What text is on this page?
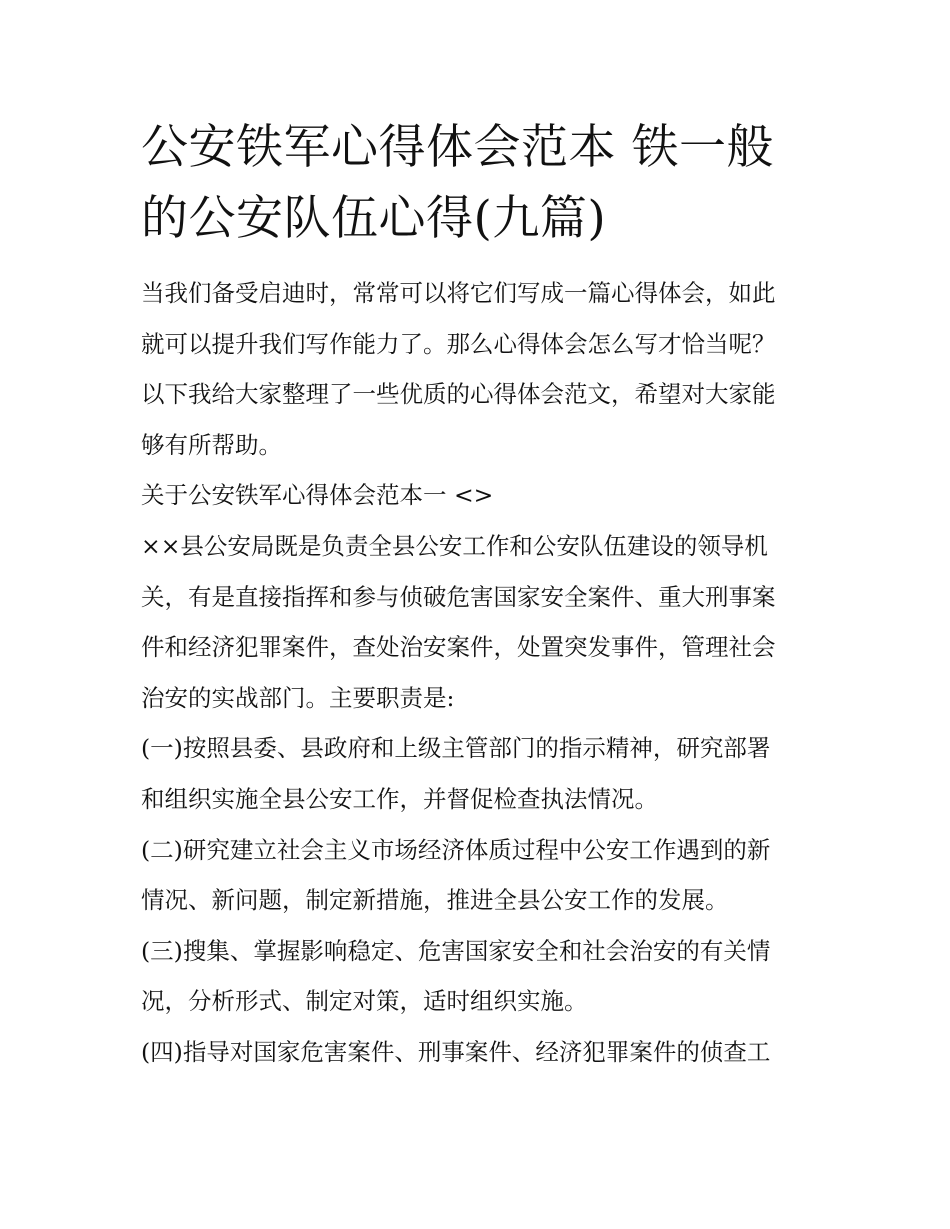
公安铁军心得体会范本 铁一般
的公安队伍心得(九篇)
当我们备受启迪时，常常可以将它们写成一篇心得体会，如此
就可以提升我们写作能力了。那么心得体会怎么写才恰当呢？
以下我给大家整理了一些优质的心得体会范文，希望对大家能
够有所帮助。
关于公安铁军心得体会范本一 <>
××县公安局既是负责全县公安工作和公安队伍建设的领导机
关，有是直接指挥和参与侦破危害国家安全案件、重大刑事案
件和经济犯罪案件，查处治安案件，处置突发事件，管理社会
治安的实战部门。主要职责是:
(一)按照县委、县政府和上级主管部门的指示精神，研究部署
和组织实施全县公安工作，并督促检查执法情况。
(二)研究建立社会主义市场经济体质过程中公安工作遇到的新
情况、新问题，制定新措施，推进全县公安工作的发展。
(三)搜集、掌握影响稳定、危害国家安全和社会治安的有关情
况，分析形式、制定对策，适时组织实施。
(四)指导对国家危害案件、刑事案件、经济犯罪案件的侦查工
